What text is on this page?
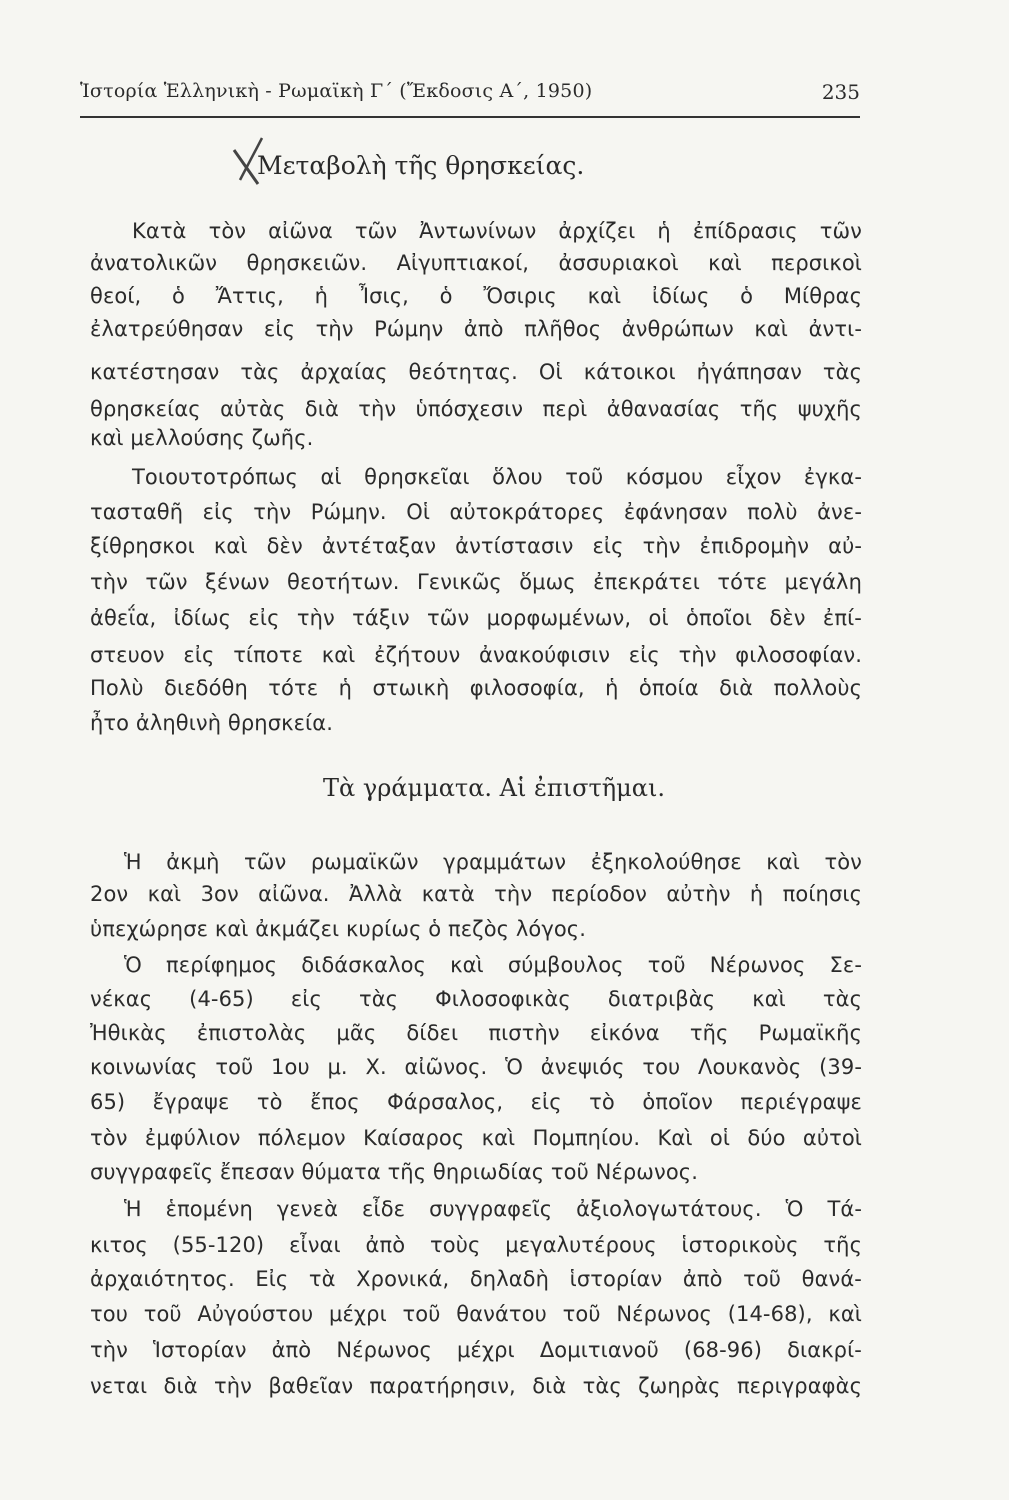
Ἱστορία Ἑλληνικὴ - Ρωμαϊκὴ Γ΄ (Ἔκδοσις Α΄, 1950)	235
Μεταβολὴ τῆς θρησκείας.
Κατὰ τὸν αἰῶνα τῶν Ἀντωνίνων ἀρχίζει ἡ ἐπίδρασις τῶν
ἀνατολικῶν θρησκειῶν. Αἰγυπτιακοί, ἀσσυριακοὶ καὶ περσικοὶ
θεοί, ὁ Ἄττις, ἡ Ἶσις, ὁ Ὄσιρις καὶ ἰδίως ὁ Μίθρας
ἐλατρεύθησαν εἰς τὴν Ρώμην ἀπὸ πλῆθος ἀνθρώπων καὶ ἀντι-
κατέστησαν τὰς ἀρχαίας θεότητας. Οἱ κάτοικοι ἠγάπησαν τὰς
θρησκείας αὐτὰς διὰ τὴν ὑπόσχεσιν περὶ ἀθανασίας τῆς ψυχῆς
καὶ μελλούσης ζωῆς.
Τοιουτοτρόπως αἱ θρησκεῖαι ὅλου τοῦ κόσμου εἶχον ἐγκα-
τασταθῆ εἰς τὴν Ρώμην. Οἱ αὐτοκράτορες ἐφάνησαν πολὺ ἀνε-
ξίθρησκοι καὶ δὲν ἀντέταξαν ἀντίστασιν εἰς τὴν ἐπιδρομὴν αὐ-
τὴν τῶν ξένων θεοτήτων. Γενικῶς ὅμως ἐπεκράτει τότε μεγάλη
ἀθεΐα, ἰδίως εἰς τὴν τάξιν τῶν μορφωμένων, οἱ ὁποῖοι δὲν ἐπί-
στευον εἰς τίποτε καὶ ἐζήτουν ἀνακούφισιν εἰς τὴν φιλοσοφίαν.
Πολὺ διεδόθη τότε ἡ στωικὴ φιλοσοφία, ἡ ὁποία διὰ πολλοὺς
ἦτο ἀληθινὴ θρησκεία.
Τὰ γράμματα. Αἱ ἐπιστῆμαι.
Ἡ ἀκμὴ τῶν ρωμαϊκῶν γραμμάτων ἐξηκολούθησε καὶ τὸν
2ον καὶ 3ον αἰῶνα. Ἀλλὰ κατὰ τὴν περίοδον αὐτὴν ἡ ποίησις
ὑπεχώρησε καὶ ἀκμάζει κυρίως ὁ πεζὸς λόγος.
Ὁ περίφημος διδάσκαλος καὶ σύμβουλος τοῦ Νέρωνος Σε-
νέκας (4-65) εἰς τὰς Φιλοσοφικὰς διατριβὰς καὶ τὰς
Ἠθικὰς ἐπιστολὰς μᾶς δίδει πιστὴν εἰκόνα τῆς Ρωμαϊκῆς
κοινωνίας τοῦ 1ου μ. Χ. αἰῶνος. Ὁ ἀνεψιός του Λουκανὸς (39-
65) ἔγραψε τὸ ἔπος Φάρσαλος, εἰς τὸ ὁποῖον περιέγραψε
τὸν ἐμφύλιον πόλεμον Καίσαρος καὶ Πομπηίου. Καὶ οἱ δύο αὐτοὶ
συγγραφεῖς ἔπεσαν θύματα τῆς θηριωδίας τοῦ Νέρωνος.
Ἡ ἑπομένη γενεὰ εἶδε συγγραφεῖς ἀξιολογωτάτους. Ὁ Τά-
κιτος (55-120) εἶναι ἀπὸ τοὺς μεγαλυτέρους ἱστορικοὺς τῆς
ἀρχαιότητος. Εἰς τὰ Χρονικά, δηλαδὴ ἱστορίαν ἀπὸ τοῦ θανά-
του τοῦ Αὐγούστου μέχρι τοῦ θανάτου τοῦ Νέρωνος (14-68), καὶ
τὴν Ἱστορίαν ἀπὸ Νέρωνος μέχρι Δομιτιανοῦ (68-96) διακρί-
νεται διὰ τὴν βαθεῖαν παρατήρησιν, διὰ τὰς ζωηρὰς περιγραφὰς
